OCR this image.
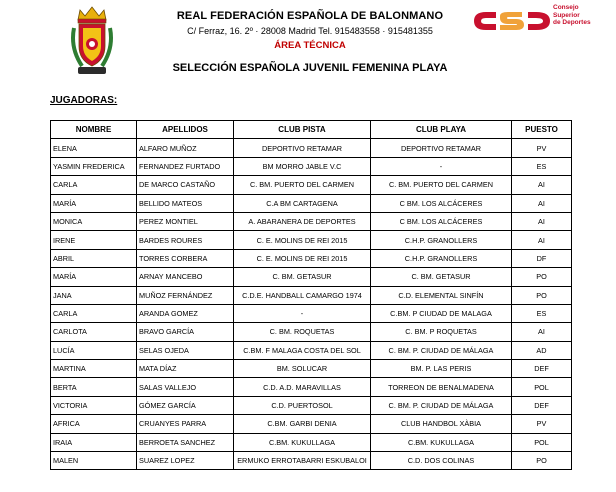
REAL FEDERACIÓN ESPAÑOLA DE BALONMANO
C/ Ferraz, 16. 2º · 28008 Madrid Tel. 915483558 · 915481355
ÁREA TÉCNICA
Consejo
Superior
de Deportes
SELECCIÓN ESPAÑOLA JUVENIL FEMENINA PLAYA
JUGADORAS:
NOMBRE	APELLIDOS	CLUB PISTA	CLUB PLAYA	PUESTO
ELENA	ALFARO MUÑOZ	DEPORTIVO RETAMAR	DEPORTIVO RETAMAR	PV
YASMIN FREDERICA	FERNANDEZ FURTADO	BM MORRO JABLE V.C	-	ES
CARLA	DE MARCO CASTAÑO	C. BM. PUERTO DEL CARMEN	C. BM. PUERTO DEL CARMEN	AI
MARÍA	BELLIDO MATEOS	C.A BM CARTAGENA	C BM. LOS ALCÁCERES	AI
MONICA	PEREZ MONTIEL	A. ABARANERA DE DEPORTES	C BM. LOS ALCÁCERES	AI
IRENE	BARDES ROURES	C. E. MOLINS DE REI 2015	C.H.P. GRANOLLERS	AI
ABRIL	TORRES CORBERA	C. E. MOLINS DE REI 2015	C.H.P. GRANOLLERS	DF
MARÍA	ARNAY MANCEBO	C. BM. GETASUR	C. BM. GETASUR	PO
JANA	MUÑOZ FERNÁNDEZ	C.D.E. HANDBALL CAMARGO 1974	C.D. ELEMENTAL SINFÍN	PO
CARLA	ARANDA GOMEZ	-	C.BM. P CIUDAD DE MALAGA	ES
CARLOTA	BRAVO GARCÍA	C. BM. ROQUETAS	C. BM. P ROQUETAS	AI
LUCÍA	SELAS OJEDA	C.BM. F MALAGA COSTA DEL SOL	C. BM. P. CIUDAD DE MÁLAGA	AD
MARTINA	MATA DÍAZ	BM. SOLUCAR	BM. P. LAS PERIS	DEF
BERTA	SALAS VALLEJO	C.D. A.D. MARAVILLAS	TORREON DE BENALMADENA	POL
VICTORIA	GÓMEZ GARCÍA	C.D. PUERTOSOL	C. BM. P. CIUDAD DE MÁLAGA	DEF
AFRICA	CRUANYES PARRA	C.BM. GARBI DENIA	CLUB HANDBOL XÀBIA	PV
IRAIA	BERROETA SANCHEZ	C.BM. KUKULLAGA	C.BM. KUKULLAGA	POL
MALEN	SUAREZ LOPEZ	ERMUKO ERROTABARRI ESKUBALOI	C.D. DOS COLINAS	PO
